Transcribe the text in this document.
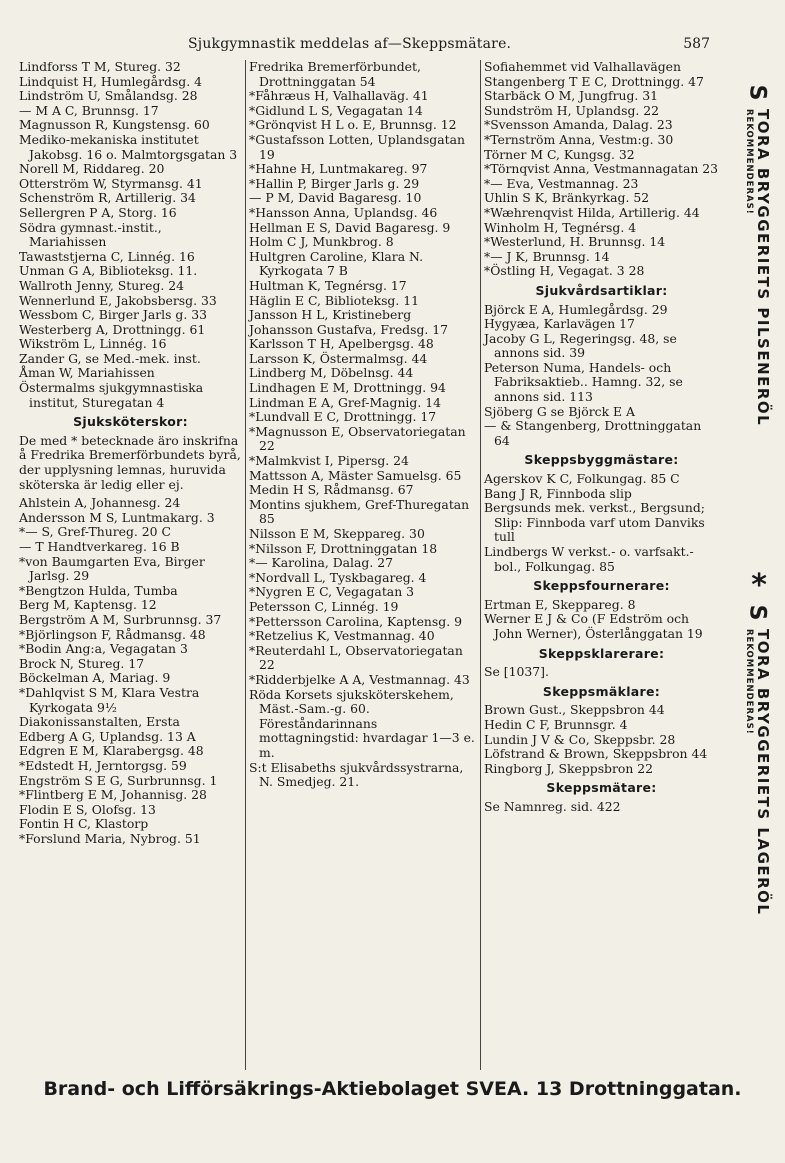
Sjukgymnastik meddelas af—Skeppsmätare.	587
Lindforss T M, Stureg. 32
Lindquist H, Humlegårdsg. 4
Lindström U, Smålandsg. 28
— M A C, Brunnsg. 17
Magnusson R, Kungstensg. 60
Mediko-mekaniska institutet Jakobsg. 16 o. Malmtorgsgatan 3
Norell M, Riddareg. 20
Otterström W, Styrmansg. 41
Schenström R, Artillerig. 34
Sellergren P A, Storg. 16
Södra gymnast.-instit., Mariahissen
Tawaststjerna C, Linnég. 16
Unman G A, Biblioteksg. 11.
Wallroth Jenny, Stureg. 24
Wennerlund E, Jakobsbersg. 33
Wessbom C, Birger Jarls g. 33
Westerberg A, Drottningg. 61
Wikström L, Linnég. 16
Zander G, se Med.-mek. inst.
Åman W, Mariahissen
Östermalms sjukgymnastiska institut, Sturegatan 4
Sjuksköterskor:
De med * betecknade äro inskrifna å Fredrika Bremerförbundets byrå, der upplysning lemnas, huruvida sköterska är ledig eller ej.
Ahlstein A, Johannesg. 24
Andersson M S, Luntmakarg. 3
*— S, Gref-Thureg. 20 C
— T Handtverkareg. 16 B
*von Baumgarten Eva, Birger Jarlsg. 29
*Bengtzon Hulda, Tumba
Berg M, Kaptensg. 12
Bergström A M, Surbrunnsg. 37
*Björlingson F, Rådmansg. 48
*Bodin Ang:a, Vegagatan 3
Brock N, Stureg. 17
Böckelman A, Mariag. 9
*Dahlqvist S M, Klara Vestra Kyrkogata 9½
Diakonissanstalten, Ersta
Edberg A G, Uplandsg. 13 A
Edgren E M, Klarabergsg. 48
*Edstedt H, Jerntorgsg. 59
Engström S E G, Surbrunnsg. 1
*Flintberg E M, Johannisg. 28
Flodin E S, Olofsg. 13
Fontin H C, Klastorp
*Forslund Maria, Nybrog. 51
Fredrika Bremerförbundet, Drottninggatan 54
*Fåhræus H, Valhallaväg. 41
*Gidlund L S, Vegagatan 14
*Grönqvist H L o. E, Brunnsg. 12
*Gustafsson Lotten, Uplandsgatan 19
*Hahne H, Luntmakareg. 97
*Hallin P, Birger Jarls g. 29
— P M, David Bagaresg. 10
*Hansson Anna, Uplandsg. 46
Hellman E S, David Bagaresg. 9
Holm C J, Munkbrog. 8
Hultgren Caroline, Klara N. Kyrkogata 7 B
Hultman K, Tegnérsg. 17
Häglin E C, Biblioteksg. 11
Jansson H L, Kristineberg
Johansson Gustafva, Fredsg. 17
Karlsson T H, Apelbergsg. 48
Larsson K, Östermalmsg. 44
Lindberg M, Döbelnsg. 44
Lindhagen E M, Drottningg. 94
Lindman E A, Gref-Magnig. 14
*Lundvall E C, Drottningg. 17
*Magnusson E, Observatoriegatan 22
*Malmkvist I, Pipersg. 24
Mattsson A, Mäster Samuelsg. 65
Medin H S, Rådmansg. 67
Montins sjukhem, Gref-Thuregatan 85
Nilsson E M, Skeppareg. 30
*Nilsson F, Drottninggatan 18
*— Karolina, Dalag. 27
*Nordvall L, Tyskbagareg. 4
*Nygren E C, Vegagatan 3
Petersson C, Linnég. 19
*Pettersson Carolina, Kaptensg. 9
*Retzelius K, Vestmannag. 40
*Reuterdahl L, Observatoriegatan 22
*Ridderbjelke A A, Vestmannag. 43
Röda Korsets sjuksköterskehem, Mäst.-Sam.-g. 60. Föreståndarinnans mottagningstid: hvardagar 1—3 e. m.
S:t Elisabeths sjukvårdssystrarna, N. Smedjeg. 21.
Sofiahemmet vid Valhallavägen
Stangenberg T E C, Drottningg. 47
Starbäck O M, Jungfrug. 31
Sundström H, Uplandsg. 22
*Svensson Amanda, Dalag. 23
*Ternström Anna, Vestm:g. 30
Törner M C, Kungsg. 32
*Törnqvist Anna, Vestmannagatan 23
*— Eva, Vestmannag. 23
Uhlin S K, Bränkyrkag. 52
*Wæhrenqvist Hilda, Artillerig. 44
Winholm H, Tegnérsg. 4
*Westerlund, H. Brunnsg. 14
*— J K, Brunnsg. 14
*Östling H, Vegagat. 3 28
Sjukvårdsartiklar:
Björck E A, Humlegårdsg. 29
Hygyæa, Karlavägen 17
Jacoby G L, Regeringsg. 48, se annons sid. 39
Peterson Numa, Handels- och Fabriksaktieb.. Hamng. 32, se annons sid. 113
Sjöberg G se Björck E A
— & Stangenberg, Drottninggatan 64
Skeppsbyggmästare:
Agerskov K C, Folkungag. 85 C
Bang J R, Finnboda slip
Bergsunds mek. verkst., Bergsund; Slip: Finnboda varf utom Danviks tull
Lindbergs W verkst.- o. varfsakt.-bol., Folkungag. 85
Skeppsfournerare:
Ertman E, Skeppareg. 8
Werner E J & Co (F Edström och John Werner), Österlånggatan 19
Skeppsklarerare:
Se [1037].
Skeppsmäklare:
Brown Gust., Skeppsbron 44
Hedin C F, Brunnsgr. 4
Lundin J V & Co, Skeppsbr. 28
Löfstrand & Brown, Skeppsbron 44
Ringborg J, Skeppsbron 22
Skeppsmätare:
Se Namnreg. sid. 422
S
TORA BRYGGERIETS PILSENERÖL
REKOMMENDERAS!
*
S
TORA BRYGGERIETS LAGERÖL
REKOMMENDERAS!
Brand- och Lifförsäkrings-Aktiebolaget SVEA. 13 Drottninggatan.
